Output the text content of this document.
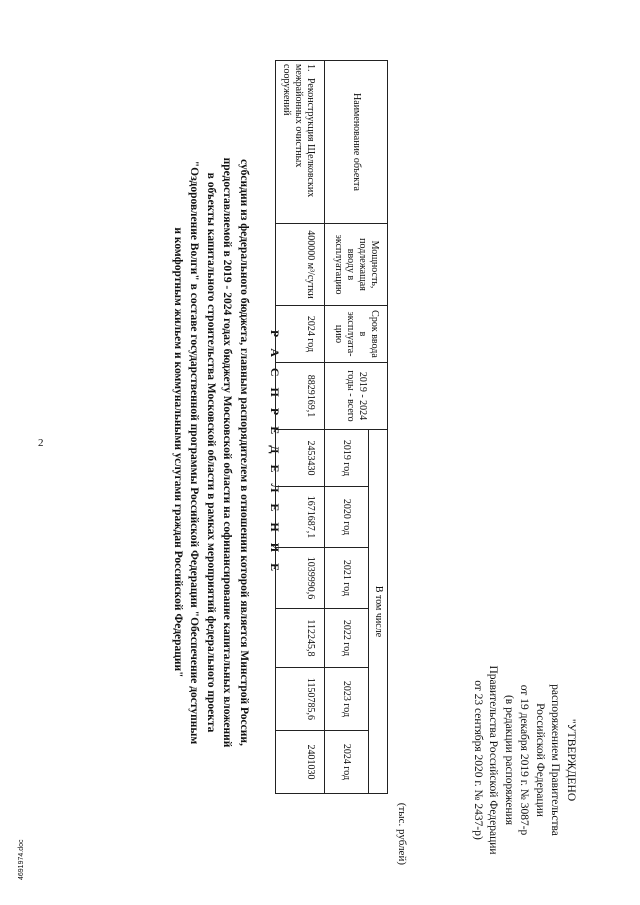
2
4691974.doc
"УТВЕРЖДЕНО
распоряжением Правительства
Российской Федерации
от 19 декабря 2019 г. № 3087-р
(в редакции распоряжения
Правительства Российской Федерации
от 23 сентября 2020 г. № 2437-р)
Р А С П Р Е Д Е Л Е Н И Е
субсидии из федерального бюджета, главным распорядителем в отношении которой является Минстрой России,
предоставляемой в 2019 - 2024 годах бюджету Московской области на софинансирование капитальных вложений
в объекты капитального строительства Московской области в рамках мероприятий федерального проекта
"Оздоровление Волги" в составе государственной программы Российской Федерации "Обеспечение доступным
и комфортным жильем и коммунальными услугами граждан Российской Федерации"
(тыс. рублей)
Наименование объекта	Мощность, подлежащая вводу в эксплуатацию	Срок ввода в эксплуата-цию	2019 - 2024 годы - всего	В том числе					
				2019 год	2020 год	2021 год	2022 год	2023 год	2024 год
1.Реконструкция Щелковских межрайонных очистных сооружений	400000 м³/сутки	2024 год	8829169,1	2453430	1671687,1	1039990,6	112245,8	1150785,6	2401030
